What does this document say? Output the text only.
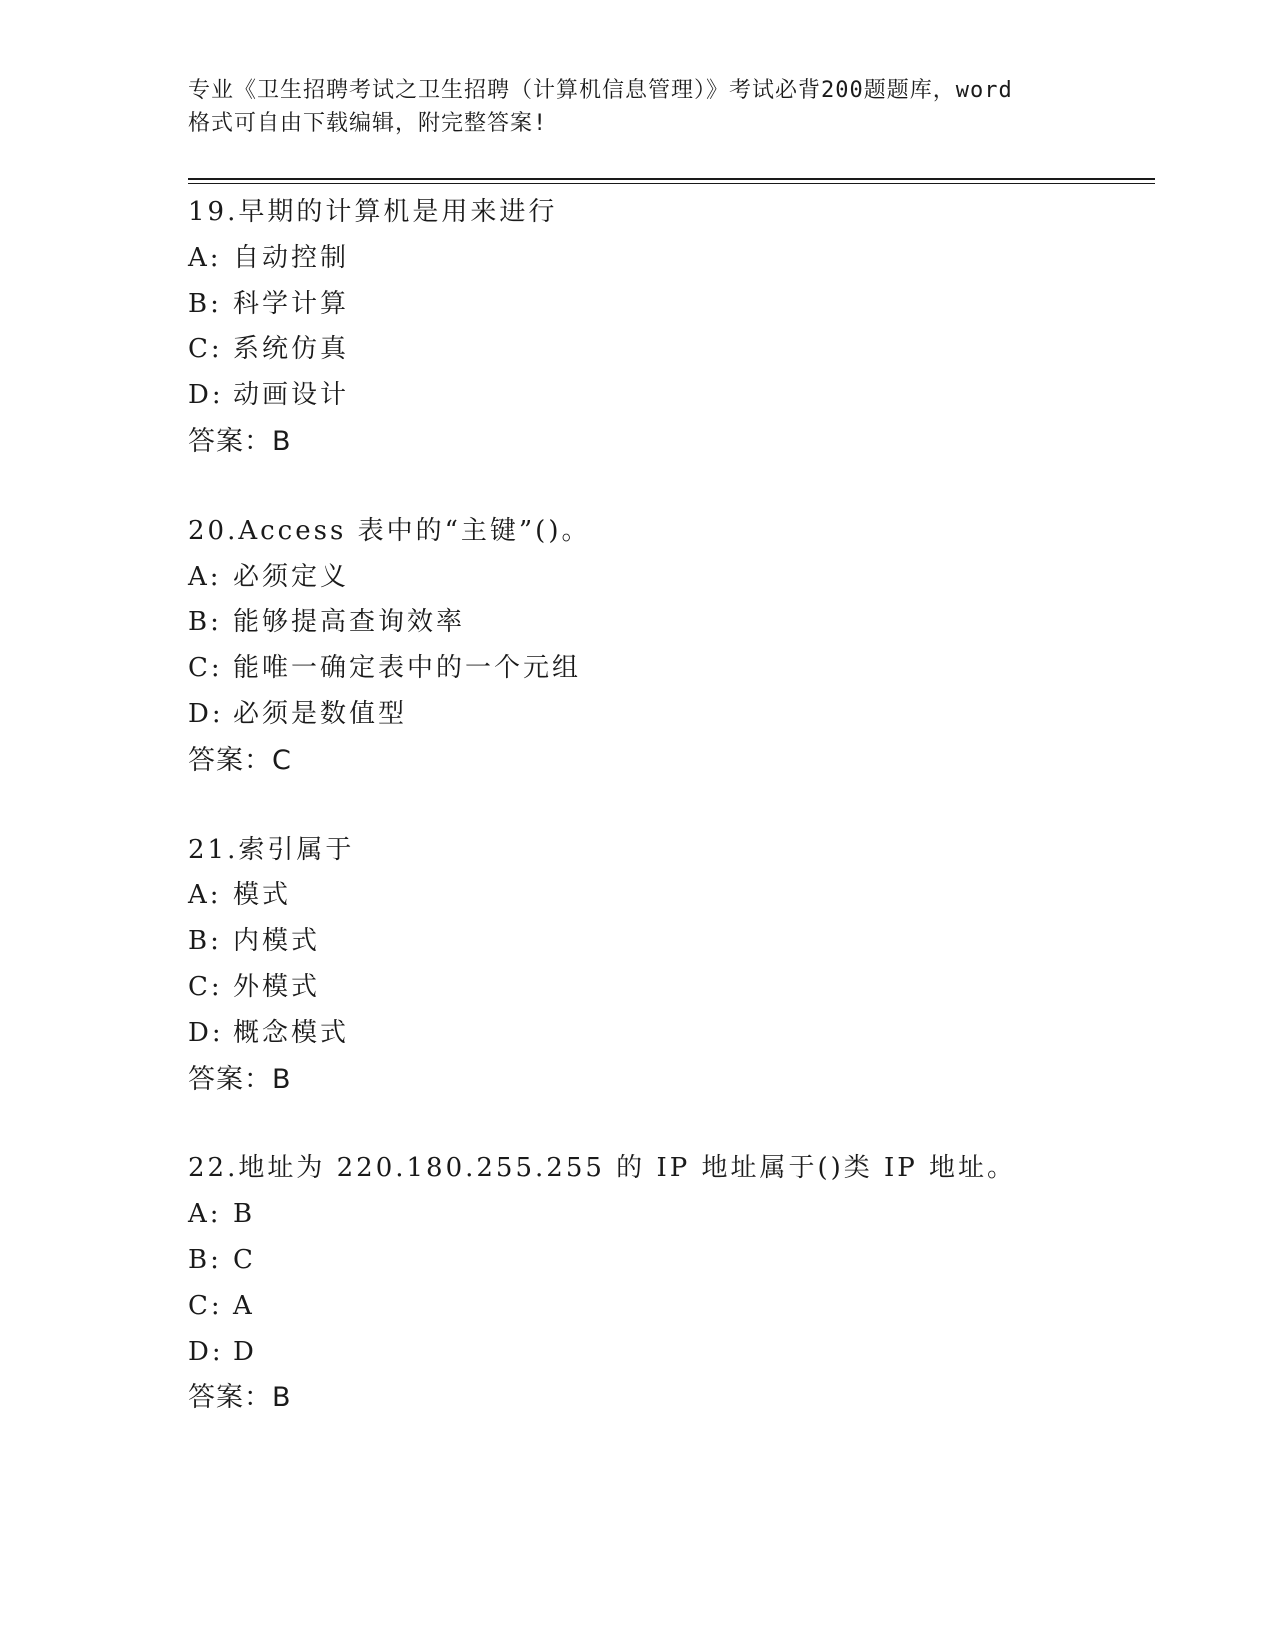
专业《卫生招聘考试之卫生招聘（计算机信息管理）》考试必背200题题库，word
格式可自由下载编辑，附完整答案!
19.早期的计算机是用来进行
A: 自动控制
B: 科学计算
C: 系统仿真
D: 动画设计
答案：B
20.Access 表中的“主键”()。
A: 必须定义
B: 能够提高查询效率
C: 能唯一确定表中的一个元组
D: 必须是数值型
答案：C
21.索引属于
A: 模式
B: 内模式
C: 外模式
D: 概念模式
答案：B
22.地址为 220.180.255.255 的 IP 地址属于()类 IP 地址。
A: B
B: C
C: A
D: D
答案：B
